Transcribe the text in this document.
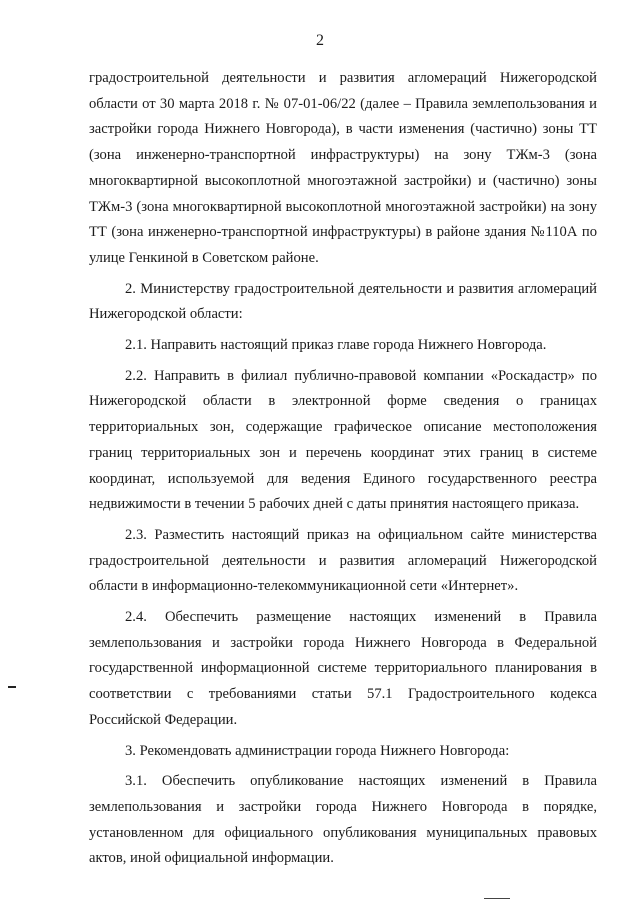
2

градостроительной деятельности и развития агломераций Нижегородской области от 30 марта 2018 г. № 07-01-06/22 (далее – Правила землепользования и застройки города Нижнего Новгорода), в части изменения (частично) зоны ТТ (зона инженерно-транспортной инфраструктуры) на зону ТЖм-3 (зона многоквартирной высокоплотной многоэтажной застройки) и (частично) зоны ТЖм-3 (зона многоквартирной высокоплотной многоэтажной застройки) на зону ТТ (зона инженерно-транспортной инфраструктуры) в районе здания №110А по улице Генкиной в Советском районе.

2. Министерству градостроительной деятельности и развития агломераций Нижегородской области:

2.1. Направить настоящий приказ главе города Нижнего Новгорода.

2.2. Направить в филиал публично-правовой компании «Роскадастр» по Нижегородской области в электронной форме сведения о границах территориальных зон, содержащие графическое описание местоположения границ территориальных зон и перечень координат этих границ в системе координат, используемой для ведения Единого государственного реестра недвижимости в течении 5 рабочих дней с даты принятия настоящего приказа.

2.3. Разместить настоящий приказ на официальном сайте министерства градостроительной деятельности и развития агломераций Нижегородской области в информационно-телекоммуникационной сети «Интернет».

2.4. Обеспечить размещение настоящих изменений в Правила землепользования и застройки города Нижнего Новгорода в Федеральной государственной информационной системе территориального планирования в соответствии с требованиями статьи 57.1 Градостроительного кодекса Российской Федерации.

3. Рекомендовать администрации города Нижнего Новгорода:

3.1. Обеспечить опубликование настоящих изменений в Правила землепользования и застройки города Нижнего Новгорода в порядке, установленном для официального опубликования муниципальных правовых актов, иной официальной информации.
